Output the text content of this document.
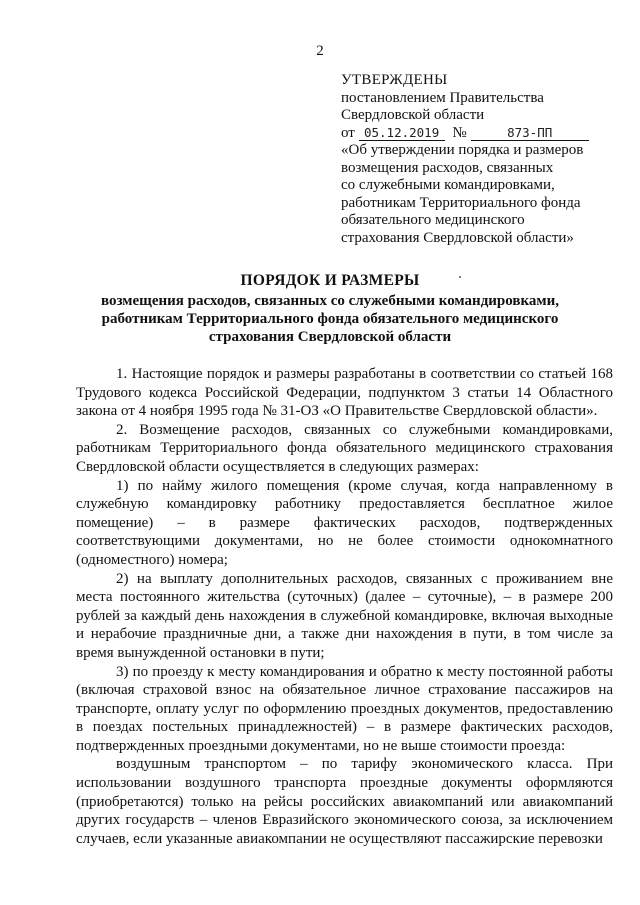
2
УТВЕРЖДЕНЫ
постановлением Правительства
Свердловской области
от 05.12.2019 №	873-ПП
«Об утверждении порядка и размеров
возмещения расходов, связанных
со служебными командировками,
работникам Территориального фонда
обязательного медицинского
страхования Свердловской области»
ПОРЯДОК И РАЗМЕРЫ
возмещения расходов, связанных со служебными командировками,
работникам Территориального фонда обязательного медицинского
страхования Свердловской области

1. Настоящие порядок и размеры разработаны в соответствии со статьей 168 Трудового кодекса Российской Федерации, подпунктом 3 статьи 14 Областного закона от 4 ноября 1995 года № 31-ОЗ «О Правительстве Свердловской области».

2. Возмещение расходов, связанных со служебными командировками, работникам Территориального фонда обязательного медицинского страхования Свердловской области осуществляется в следующих размерах:

1) по найму жилого помещения (кроме случая, когда направленному в служебную командировку работнику предоставляется бесплатное жилое помещение) – в размере фактических расходов, подтвержденных соответствующими документами, но не более стоимости однокомнатного (одноместного) номера;

2) на выплату дополнительных расходов, связанных с проживанием вне места постоянного жительства (суточных) (далее – суточные), – в размере 200 рублей за каждый день нахождения в служебной командировке, включая выходные и нерабочие праздничные дни, а также дни нахождения в пути, в том числе за время вынужденной остановки в пути;

3) по проезду к месту командирования и обратно к месту постоянной работы (включая страховой взнос на обязательное личное страхование пассажиров на транспорте, оплату услуг по оформлению проездных документов, предоставлению в поездах постельных принадлежностей) – в размере фактических расходов, подтвержденных проездными документами, но не выше стоимости проезда:

воздушным транспортом – по тарифу экономического класса. При использовании воздушного транспорта проездные документы оформляются (приобретаются) только на рейсы российских авиакомпаний или авиакомпаний других государств – членов Евразийского экономического союза, за исключением случаев, если указанные авиакомпании не осуществляют пассажирские перевозки
